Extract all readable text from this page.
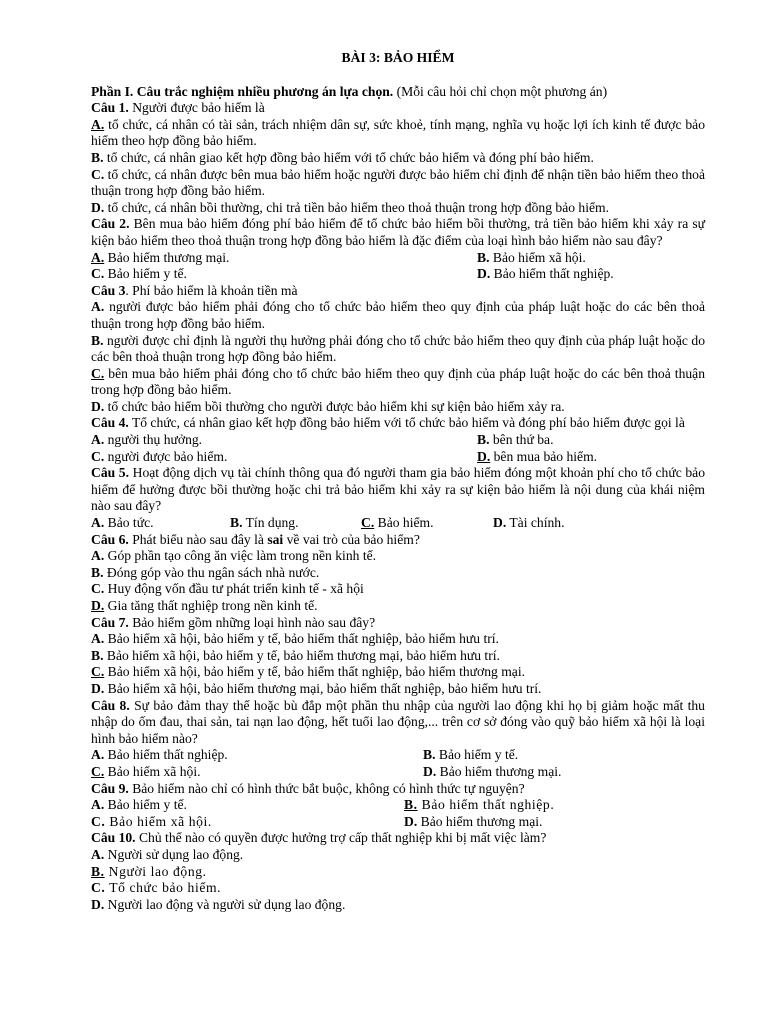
BÀI 3: BẢO HIỂM

Phần I. Câu trắc nghiệm nhiều phương án lựa chọn. (Mỗi câu hỏi chỉ chọn một phương án)

Câu 1. Người được bảo hiểm là

A. tổ chức, cá nhân có tài sản, trách nhiệm dân sự, sức khoẻ, tính mạng, nghĩa vụ hoặc lợi ích kinh tế được bảo hiểm theo hợp đồng bảo hiểm.

B. tổ chức, cá nhân giao kết hợp đồng bảo hiểm với tổ chức bảo hiểm và đóng phí bảo hiểm.

C. tổ chức, cá nhân được bên mua bảo hiểm hoặc người được bảo hiểm chỉ định để nhận tiền bảo hiểm theo thoả thuận trong hợp đồng bảo hiểm.

D. tổ chức, cá nhân bồi thường, chi trả tiền bảo hiểm theo thoả thuận trong hợp đồng bảo hiểm.

Câu 2. Bên mua bảo hiểm đóng phí bảo hiểm để tổ chức bảo hiểm bồi thường, trả tiền bảo hiểm khi xảy ra sự kiện bảo hiểm theo thoả thuận trong hợp đồng bảo hiểm là đặc điểm của loại hình bảo hiểm nào sau đây?

A. Bảo hiểm thương mại.	B. Bảo hiểm xã hội.
C. Bảo hiểm y tế.	D. Bảo hiểm thất nghiệp.

Câu 3. Phí bảo hiểm là khoản tiền mà

A. người được bảo hiểm phải đóng cho tổ chức bảo hiểm theo quy định của pháp luật hoặc do các bên thoả thuận trong hợp đồng bảo hiểm.

B. người được chỉ định là người thụ hưởng phải đóng cho tổ chức bảo hiểm theo quy định của pháp luật hoặc do các bên thoả thuận trong hợp đồng bảo hiểm.

C. bên mua bảo hiểm phải đóng cho tổ chức bảo hiểm theo quy định của pháp luật hoặc do các bên thoả thuận trong hợp đồng bảo hiểm.

D. tổ chức bảo hiểm bồi thường cho người được bảo hiểm khi sự kiện bảo hiểm xảy ra.

Câu 4. Tổ chức, cá nhân giao kết hợp đồng bảo hiểm với tổ chức bảo hiểm và đóng phí bảo hiểm được gọi là

A. người thụ hưởng.	B. bên thứ ba.
C. người được bảo hiểm.	D. bên mua bảo hiểm.

Câu 5. Hoạt động dịch vụ tài chính thông qua đó người tham gia bảo hiểm đóng một khoản phí cho tổ chức bảo hiểm để hưởng được bồi thường hoặc chi trả bảo hiểm khi xảy ra sự kiện bảo hiểm là nội dung của khái niệm nào sau đây?

A. Bảo tức.	B. Tín dụng.	C. Bảo hiểm.	D. Tài chính.

Câu 6. Phát biểu nào sau đây là sai về vai trò của bảo hiểm?

A. Góp phần tạo công ăn việc làm trong nền kinh tế.

B. Đóng góp vào thu ngân sách nhà nước.

C. Huy động vốn đầu tư phát triển kinh tế - xã hội

D. Gia tăng thất nghiệp trong nền kinh tế.

Câu 7. Bảo hiểm gồm những loại hình nào sau đây?

A. Bảo hiểm xã hội, bảo hiểm y tế, bảo hiểm thất nghiệp, bảo hiểm hưu trí.

B. Bảo hiểm xã hội, bảo hiểm y tế, bảo hiểm thương mại, bảo hiểm hưu trí.

C. Bảo hiểm xã hội, bảo hiểm y tế, bảo hiểm thất nghiệp, bảo hiểm thương mại.

D. Bảo hiểm xã hội, bảo hiểm thương mại, bảo hiểm thất nghiệp, bảo hiểm hưu trí.

Câu 8. Sự bảo đảm thay thế hoặc bù đắp một phần thu nhập của người lao động khi họ bị giảm hoặc mất thu nhập do ốm đau, thai sản, tai nạn lao động, hết tuổi lao động,... trên cơ sở đóng vào quỹ bảo hiểm xã hội là loại hình bảo hiểm nào?

A. Bảo hiểm thất nghiệp.	B. Bảo hiểm y tế.
C. Bảo hiểm xã hội.	D. Bảo hiểm thương mại.

Câu 9. Bảo hiểm nào chỉ có hình thức bắt buộc, không có hình thức tự nguyện?

A. Bảo hiểm y tế.	B. Bảo hiểm thất nghiệp.
C. Bảo hiểm xã hội.	D. Bảo hiểm thương mại.

Câu 10. Chủ thể nào có quyền được hưởng trợ cấp thất nghiệp khi bị mất việc làm?

A. Người sử dụng lao động.

B. Người lao động.

C. Tổ chức bảo hiểm.

D. Người lao động và người sử dụng lao động.
